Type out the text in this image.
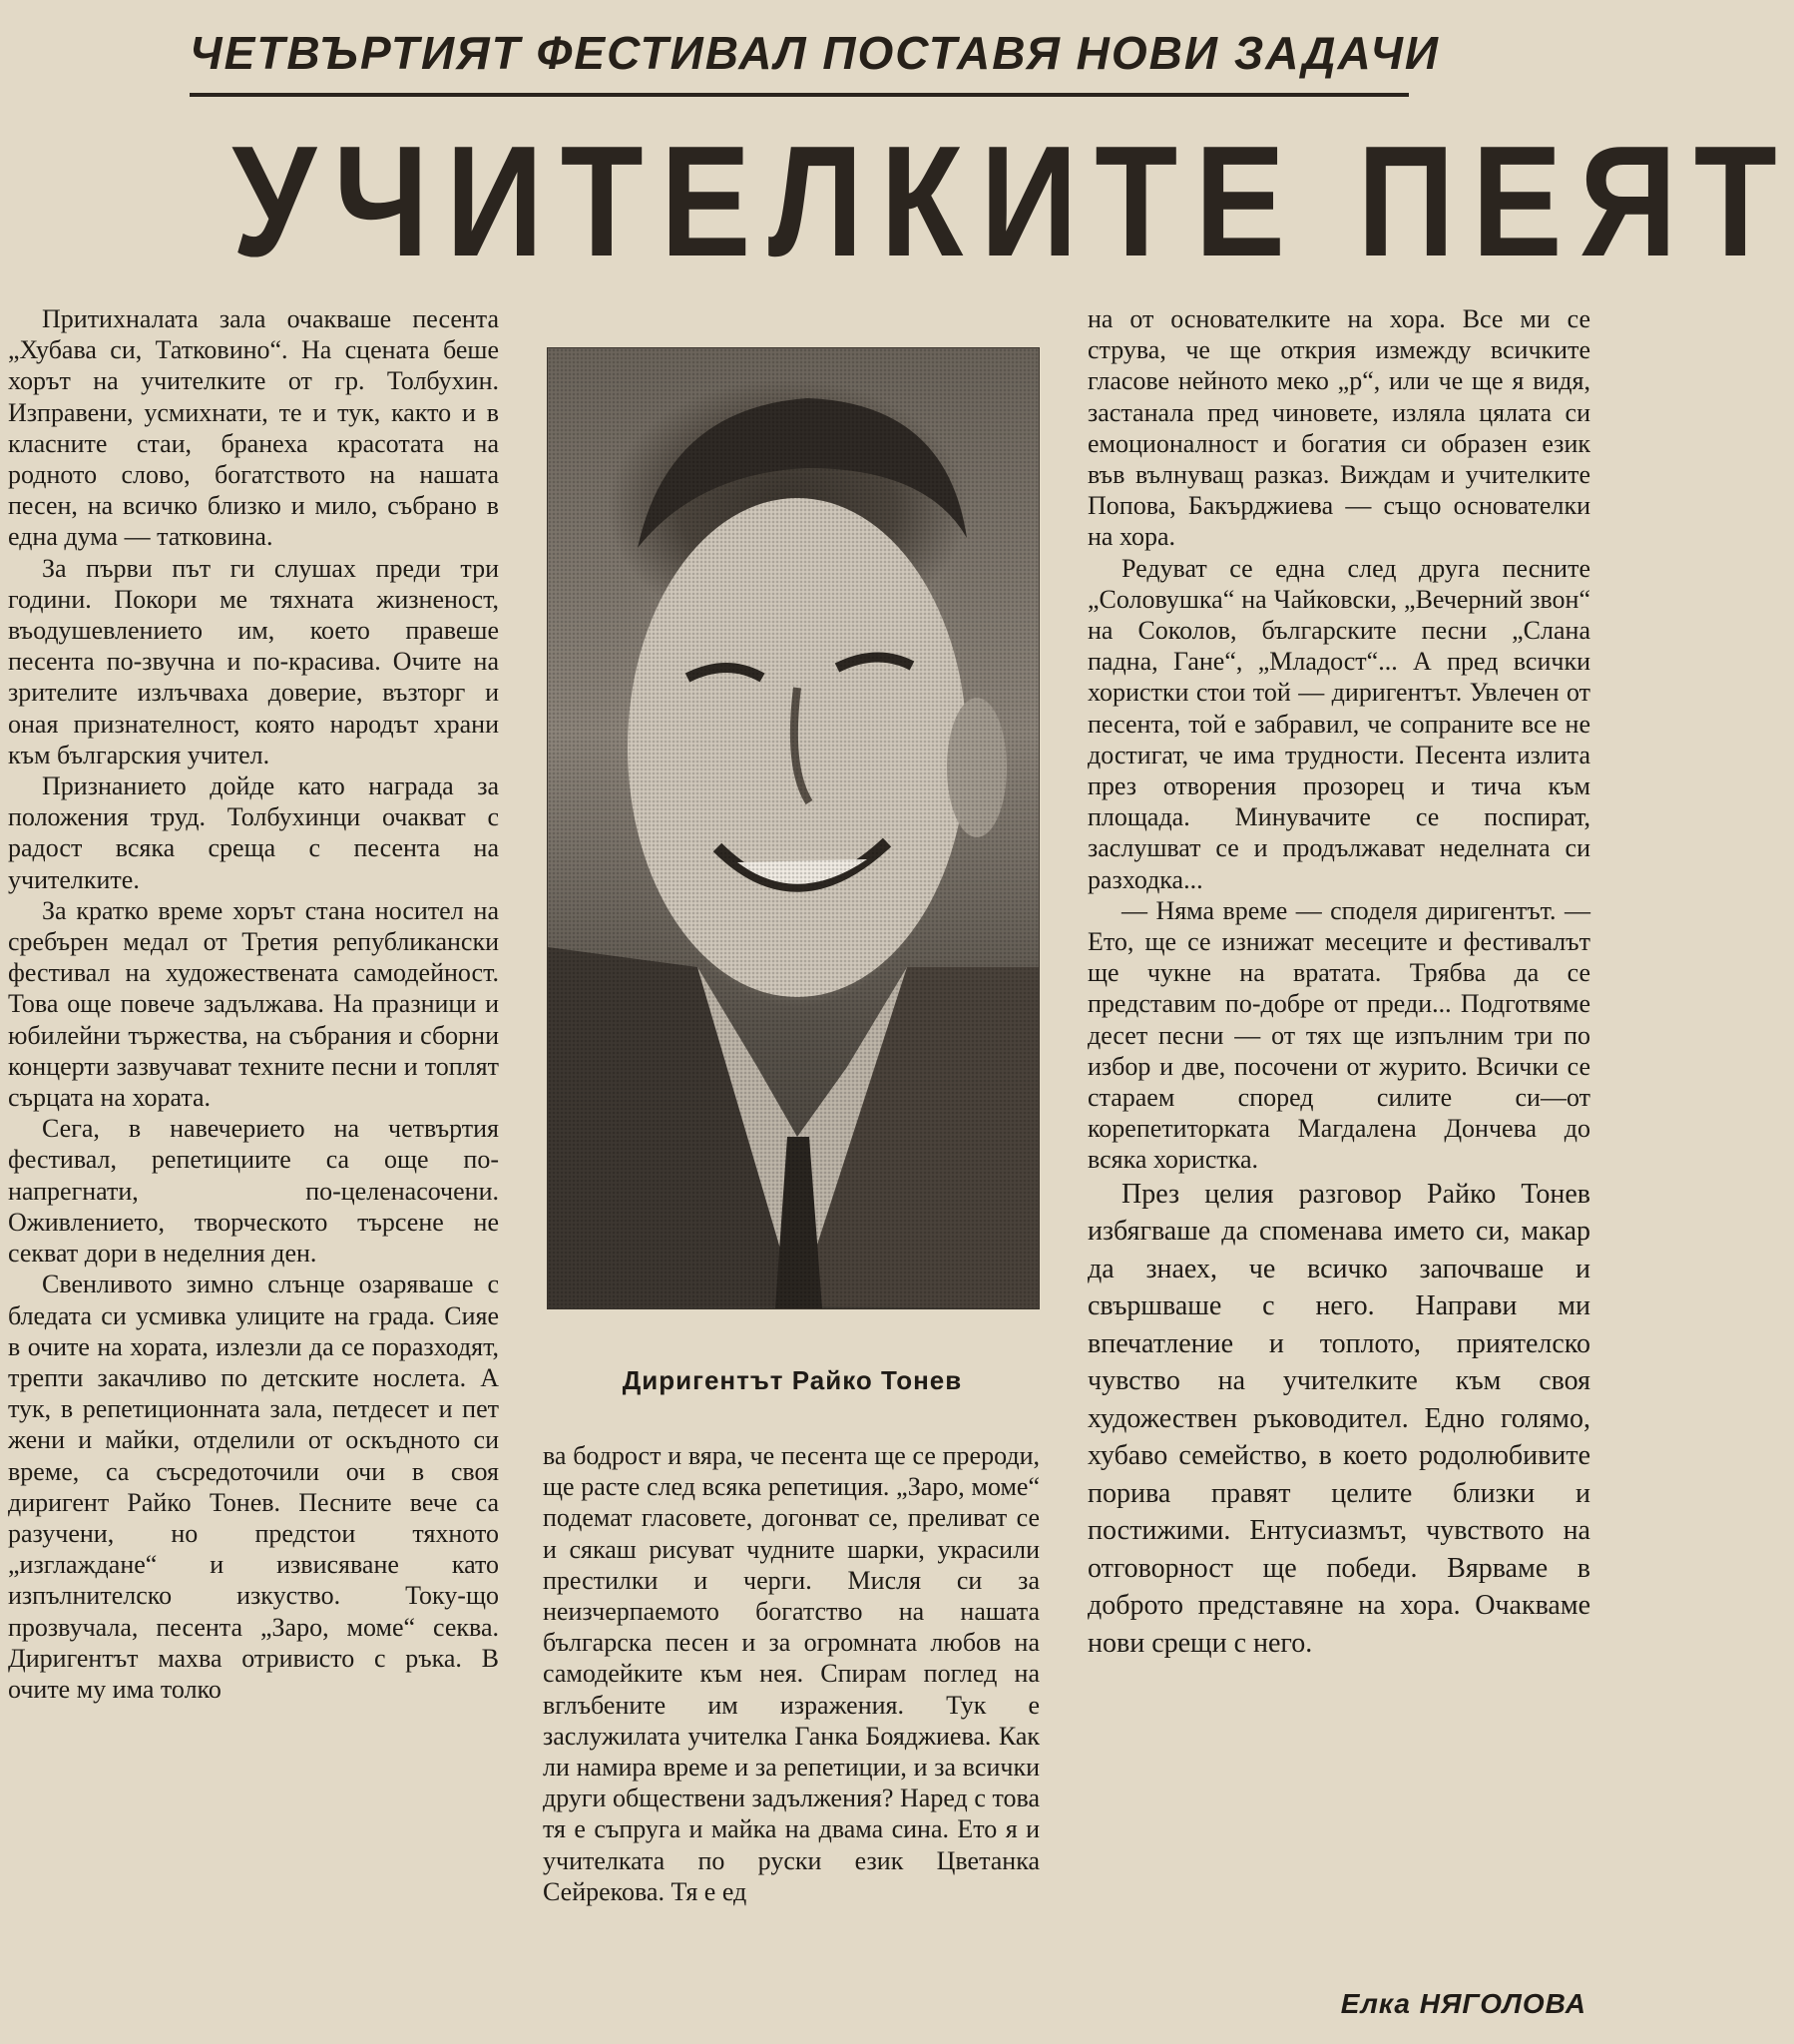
ЧЕТВЪРТИЯТ ФЕСТИВАЛ ПОСТАВЯ НОВИ ЗАДАЧИ
УЧИТЕЛКИТЕ ПЕЯТ

Притихналата зала очакваше песента „Хубава си, Татковино“. На сцената беше хорът на учителките от гр. Толбухин. Изправени, усмихнати, те и тук, както и в класните стаи, бранеха красотата на родното слово, богатството на нашата песен, на всичко близко и мило, събрано в една дума — татковина.

За първи път ги слушах преди три години. Покори ме тяхната жизненост, въодушевлението им, което правеше песента по-звучна и по-красива. Очите на зрителите излъчваха доверие, възторг и оная признателност, която народът храни към българския учител.

Признанието дойде като награда за положения труд. Толбухинци очакват с радост всяка среща с песента на учителките.

За кратко време хорът стана носител на сребърен медал от Третия републикански фестивал на художествената самодейност. Това още повече задължава. На празници и юбилейни тържества, на събрания и сборни концерти зазвучават техните песни и топлят сърцата на хората.

Сега, в навечерието на четвъртия фестивал, репетициите са още по-напрегнати, по-целенасочени. Оживлението, творческото търсене не секват дори в неделния ден.

Свенливото зимно слънце озаряваше с бледата си усмивка улиците на града. Сияе в очите на хората, излезли да се поразходят, трепти закачливо по детските нослета. А тук, в репетиционната зала, петдесет и пет жени и майки, отделили от оскъдното си време, са съсредоточили очи в своя диригент Райко Тонев. Песните вече са разучени, но предстои тяхното „изглаждане“ и извисяване като изпълнителско изкуство. Току-що прозвучала, песента „Заро, моме“ секва. Диригентът махва отривисто с ръка. В очите му има толко

Диригентът Райко Тонев

ва бодрост и вяра, че песента ще се прероди, ще расте след всяка репетиция. „Заро, моме“ подемат гласовете, догонват се, преливат се и сякаш рисуват чудните шарки, украсили престилки и черги. Мисля си за неизчерпаемото богатство на нашата българска песен и за огромната любов на самодейките към нея. Спирам поглед на вглъбените им изражения. Тук е заслужилата учителка Ганка Бояджиева. Как ли намира време и за репетиции, и за всички други обществени задължения? Наред с това тя е съпруга и майка на двама сина. Ето я и учителката по руски език Цветанка Сейрекова. Тя е ед

на от основателките на хора. Все ми се струва, че ще открия измежду всичките гласове нейното меко „р“, или че ще я видя, застанала пред чиновете, изляла цялата си емоционалност и богатия си образен език във вълнуващ разказ. Виждам и учителките Попова, Бакърджиева — също основателки на хора.

Редуват се една след друга песните „Соловушка“ на Чайковски, „Вечерний звон“ на Соколов, българските песни „Слана падна, Гане“, „Младост“... А пред всички хористки стои той — диригентът. Увлечен от песента, той е забравил, че сопраните все не достигат, че има трудности. Песента излита през отворения прозорец и тича към площада. Минувачите се поспират, заслушват се и продължават неделната си разходка...

— Няма време — споделя диригентът. — Ето, ще се изнижат месеците и фестивалът ще чукне на вратата. Трябва да се представим по-добре от преди... Подготвяме десет песни — от тях ще изпълним три по избор и две, посочени от журито. Всички се стараем според силите си—от корепетиторката Магдалена Дончева до всяка хористка.

През целия разговор Райко Тонев избягваше да споменава името си, макар да знаех, че всичко започваше и свършваше с него. Направи ми впечатление и топлото, приятелско чувство на учителките към своя художествен ръководител. Едно голямо, хубаво семейство, в което родолюбивите порива правят целите близки и постижими. Ентусиазмът, чувството на отговорност ще победи. Вярваме в доброто представяне на хора. Очакваме нови срещи с него.

Елка НЯГОЛОВА
